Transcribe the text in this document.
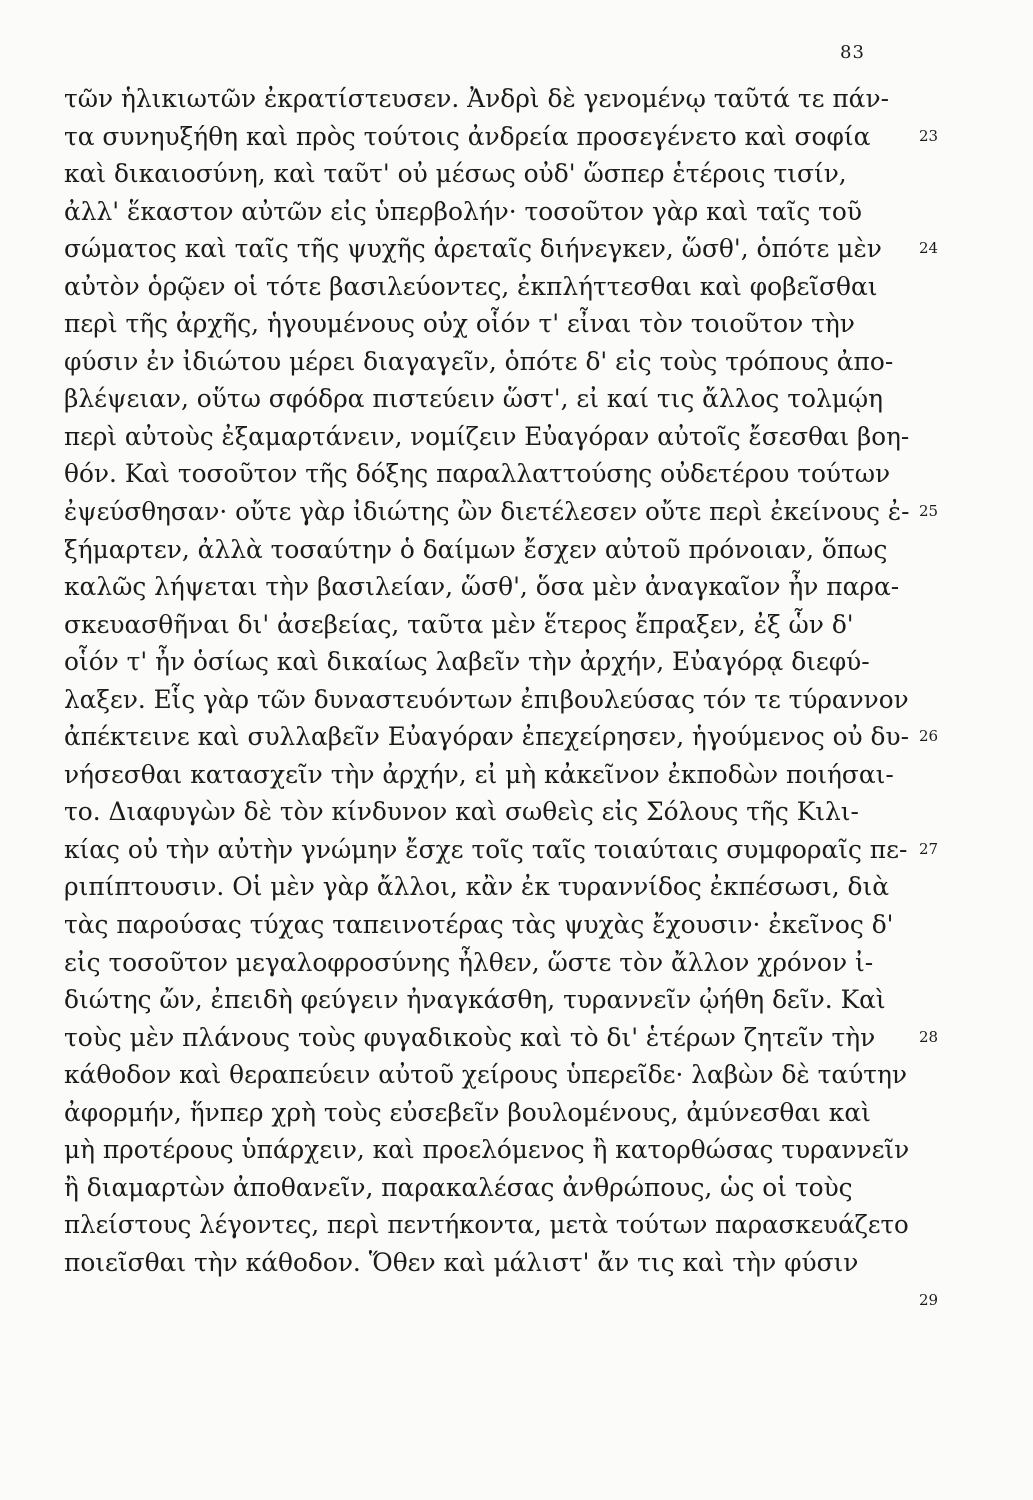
83
τῶν ἡλικιωτῶν ἐκρατίστευσεν. Ἀνδρὶ δὲ γενομένῳ ταῦτά τε πάν-
23
τα συνηυξήθη καὶ πρὸς τούτοις ἀνδρεία προσεγένετο καὶ σοφία
καὶ δικαιοσύνη, καὶ ταῦτ' οὐ μέσως οὐδ' ὥσπερ ἑτέροις τισίν,
ἀλλ' ἕκαστον αὐτῶν εἰς ὑπερβολήν· τοσοῦτον γὰρ καὶ ταῖς τοῦ
24
σώματος καὶ ταῖς τῆς ψυχῆς ἀρεταῖς διήνεγκεν, ὥσθ', ὁπότε μὲν
αὐτὸν ὁρῷεν οἱ τότε βασιλεύοντες, ἐκπλήττεσθαι καὶ φοβεῖσθαι
περὶ τῆς ἀρχῆς, ἡγουμένους οὐχ οἷόν τ' εἶναι τὸν τοιοῦτον τὴν
φύσιν ἐν ἰδιώτου μέρει διαγαγεῖν, ὁπότε δ' εἰς τοὺς τρόπους ἀπο-
βλέψειαν, οὕτω σφόδρα πιστεύειν ὥστ', εἰ καί τις ἄλλος τολμῴη
περὶ αὐτοὺς ἐξαμαρτάνειν, νομίζειν Εὐαγόραν αὐτοῖς ἔσεσθαι βοη-
θόν. Καὶ τοσοῦτον τῆς δόξης παραλλαττούσης οὐδετέρου τούτων
25
ἐψεύσθησαν· οὔτε γὰρ ἰδιώτης ὢν διετέλεσεν οὔτε περὶ ἐκείνους ἐ-
ξήμαρτεν, ἀλλὰ τοσαύτην ὁ δαίμων ἔσχεν αὐτοῦ πρόνοιαν, ὅπως
καλῶς λήψεται τὴν βασιλείαν, ὥσθ', ὅσα μὲν ἀναγκαῖον ἦν παρα-
σκευασθῆναι δι' ἀσεβείας, ταῦτα μὲν ἕτερος ἔπραξεν, ἐξ ὧν δ'
οἷόν τ' ἦν ὁσίως καὶ δικαίως λαβεῖν τὴν ἀρχήν, Εὐαγόρᾳ διεφύ-
λαξεν. Εἷς γὰρ τῶν δυναστευόντων ἐπιβουλεύσας τόν τε τύραννον
26
ἀπέκτεινε καὶ συλλαβεῖν Εὐαγόραν ἐπεχείρησεν, ἡγούμενος οὐ δυ-
νήσεσθαι κατασχεῖν τὴν ἀρχήν, εἰ μὴ κἀκεῖνον ἐκποδὼν ποιήσαι-
το. Διαφυγὼν δὲ τὸν κίνδυνον καὶ σωθεὶς εἰς Σόλους τῆς Κιλι-
27
κίας οὐ τὴν αὐτὴν γνώμην ἔσχε τοῖς ταῖς τοιαύταις συμφοραῖς πε-
ριπίπτουσιν. Οἱ μὲν γὰρ ἄλλοι, κἂν ἐκ τυραννίδος ἐκπέσωσι, διὰ
τὰς παρούσας τύχας ταπεινοτέρας τὰς ψυχὰς ἔχουσιν· ἐκεῖνος δ'
εἰς τοσοῦτον μεγαλοφροσύνης ἦλθεν, ὥστε τὸν ἄλλον χρόνον ἰ-
διώτης ὤν, ἐπειδὴ φεύγειν ἠναγκάσθη, τυραννεῖν ᾠήθη δεῖν. Καὶ
28
τοὺς μὲν πλάνους τοὺς φυγαδικοὺς καὶ τὸ δι' ἑτέρων ζητεῖν τὴν
κάθοδον καὶ θεραπεύειν αὐτοῦ χείρους ὑπερεῖδε· λαβὼν δὲ ταύτην
ἀφορμήν, ἥνπερ χρὴ τοὺς εὐσεβεῖν βουλομένους, ἀμύνεσθαι καὶ
μὴ προτέρους ὑπάρχειν, καὶ προελόμενος ἢ κατορθώσας τυραννεῖν
ἢ διαμαρτὼν ἀποθανεῖν, παρακαλέσας ἀνθρώπους, ὡς οἱ τοὺς
πλείστους λέγοντες, περὶ πεντήκοντα, μετὰ τούτων παρασκευάζετο
ποιεῖσθαι τὴν κάθοδον. Ὅθεν καὶ μάλιστ' ἄν τις καὶ τὴν φύσιν
29
